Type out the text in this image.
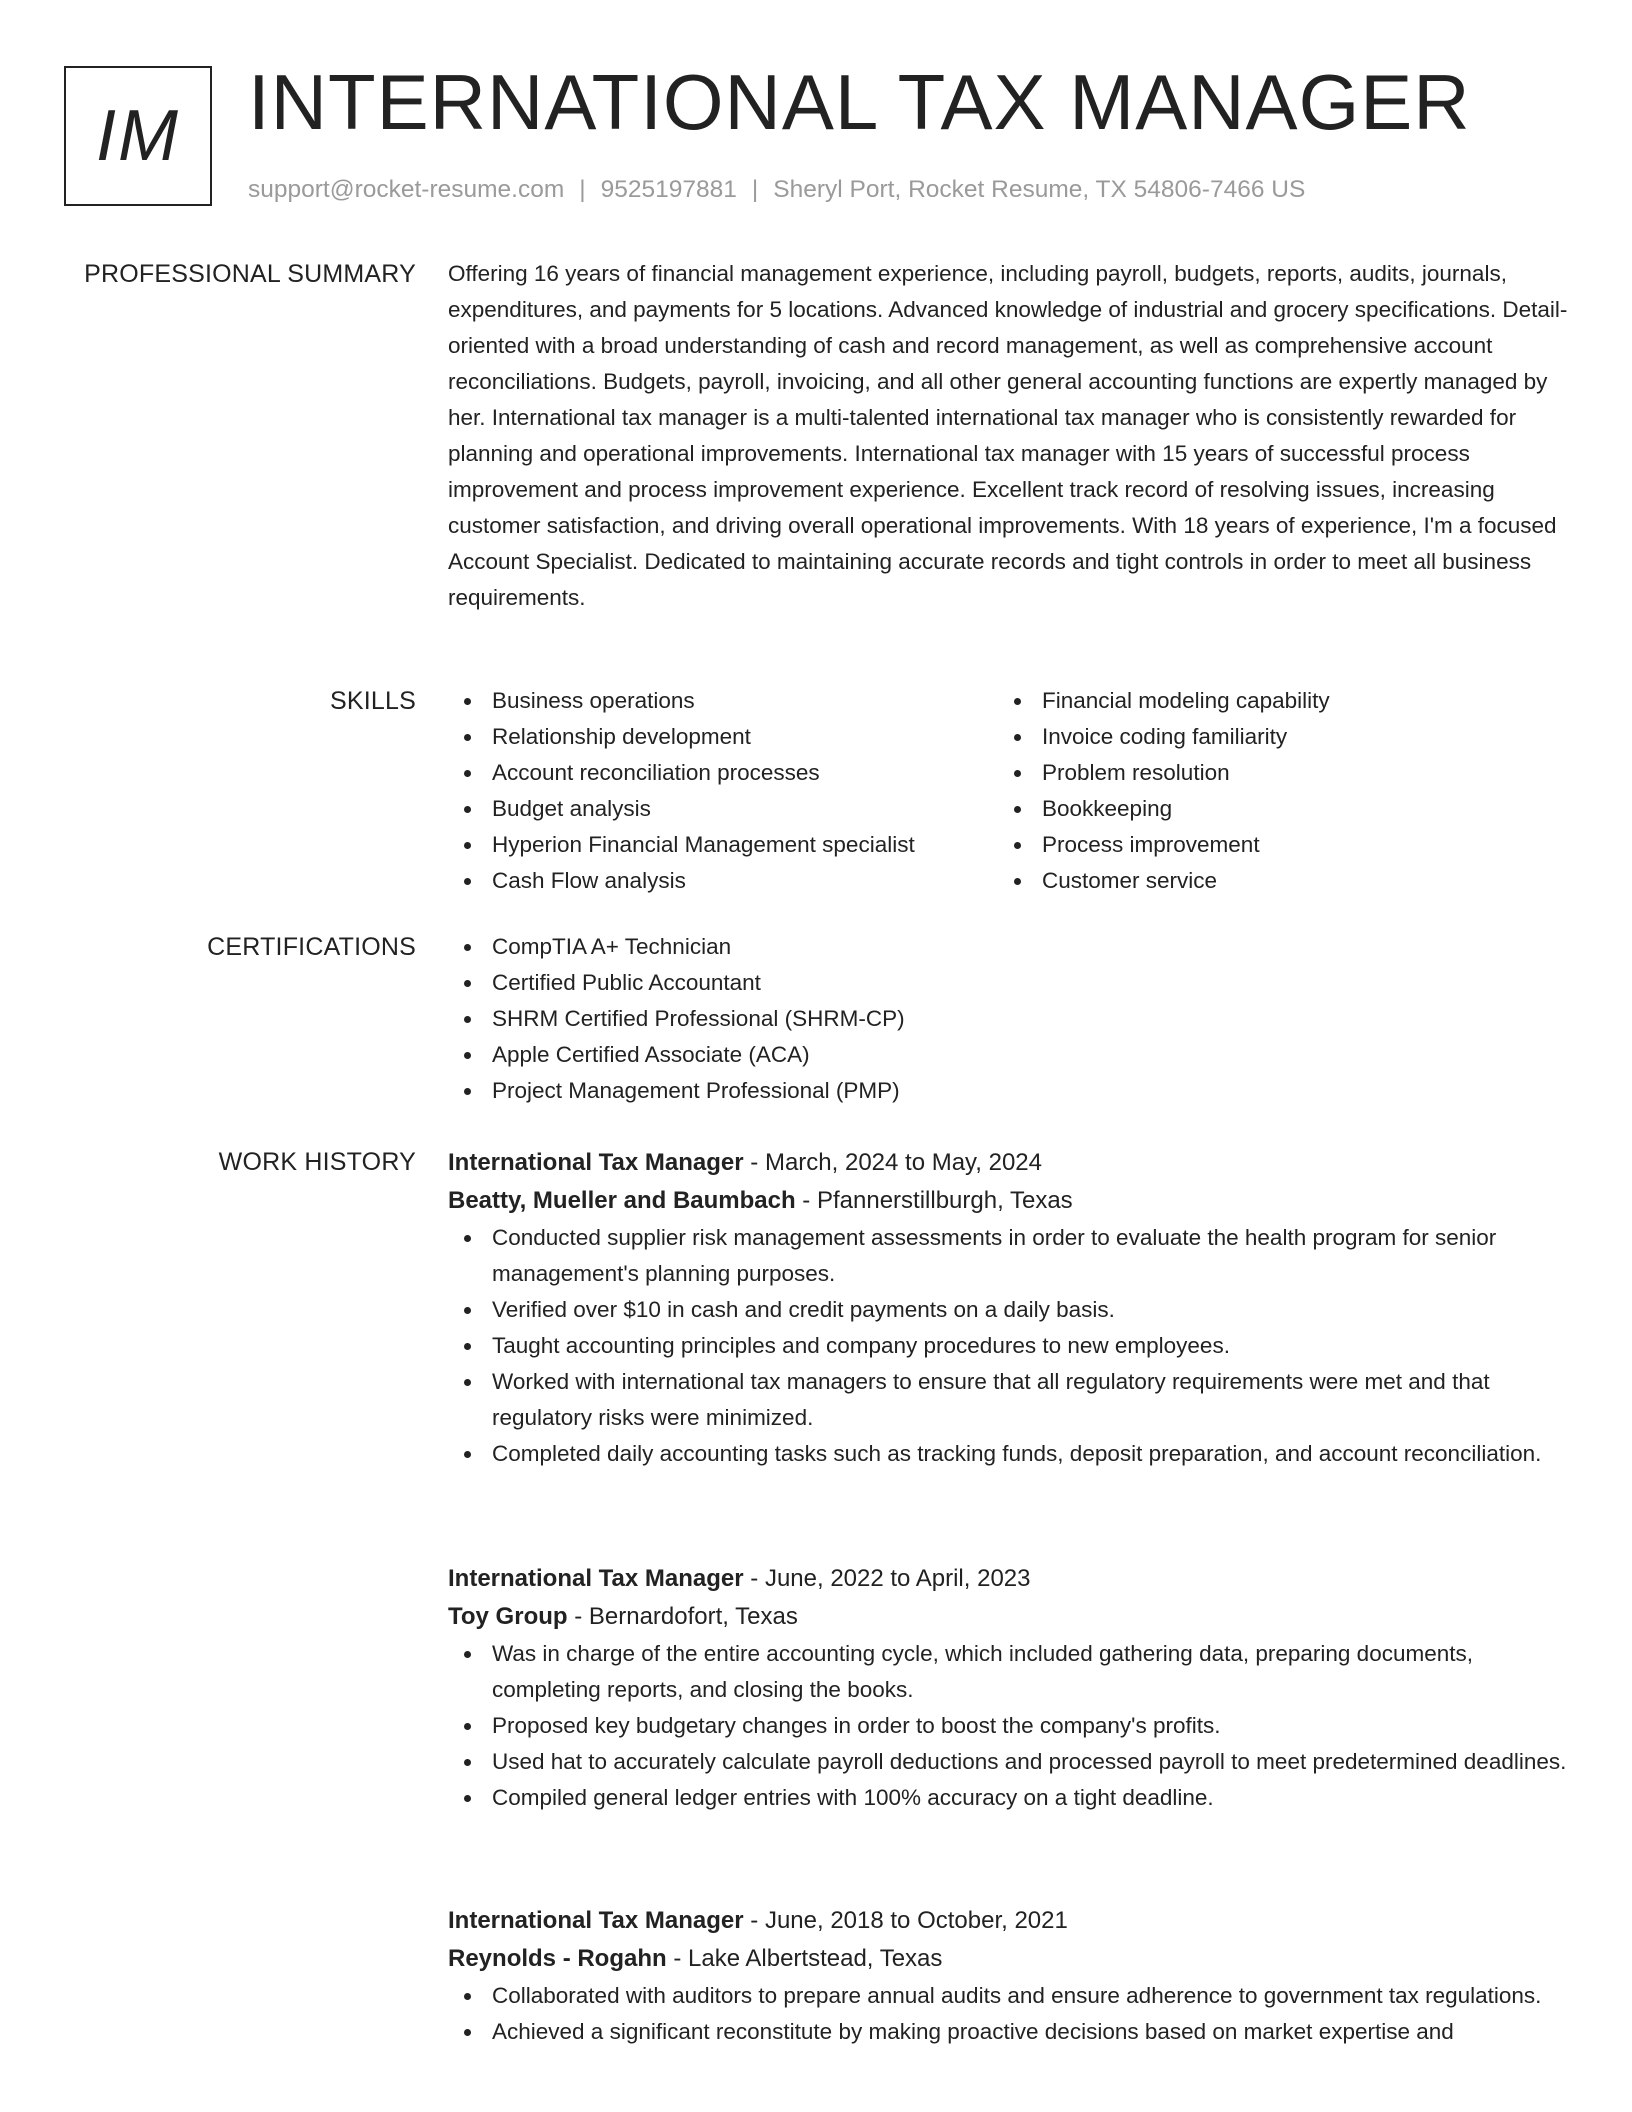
IM INTERNATIONAL TAX MANAGER
support@rocket-resume.com | 9525197881 | Sheryl Port, Rocket Resume, TX 54806-7466 US
PROFESSIONAL SUMMARY Offering 16 years of financial management experience, including payroll, budgets, reports, audits, journals, expenditures, and payments for 5 locations. Advanced knowledge of industrial and grocery specifications. Detail-oriented with a broad understanding of cash and record management, as well as comprehensive account reconciliations. Budgets, payroll, invoicing, and all other general accounting functions are expertly managed by her. International tax manager is a multi-talented international tax manager who is consistently rewarded for planning and operational improvements. International tax manager with 15 years of successful process improvement and process improvement experience. Excellent track record of resolving issues, increasing customer satisfaction, and driving overall operational improvements. With 18 years of experience, I'm a focused Account Specialist. Dedicated to maintaining accurate records and tight controls in order to meet all business requirements.

SKILLS	Business operations
Relationship development
Account reconciliation processes
Budget analysis
Hyperion Financial Management specialist
Cash Flow analysis
Financial modeling capability
Invoice coding familiarity
Problem resolution
Bookkeeping
Process improvement
Customer service
CERTIFICATIONS	CompTIA A+ Technician
Certified Public Accountant
SHRM Certified Professional (SHRM-CP)
Apple Certified Associate (ACA)
Project Management Professional (PMP)
WORK HISTORY International Tax Manager - March, 2024 to May, 2024
Beatty, Mueller and Baumbach - Pfannerstillburgh, Texas
Conducted supplier risk management assessments in order to evaluate the health program for senior management's planning purposes.
Verified over $10 in cash and credit payments on a daily basis.
Taught accounting principles and company procedures to new employees.
Worked with international tax managers to ensure that all regulatory requirements were met and that regulatory risks were minimized.
Completed daily accounting tasks such as tracking funds, deposit preparation, and account reconciliation.
International Tax Manager - June, 2022 to April, 2023
Toy Group - Bernardofort, Texas
Was in charge of the entire accounting cycle, which included gathering data, preparing documents, completing reports, and closing the books.
Proposed key budgetary changes in order to boost the company's profits.
Used hat to accurately calculate payroll deductions and processed payroll to meet predetermined deadlines.
Compiled general ledger entries with 100% accuracy on a tight deadline.
International Tax Manager - June, 2018 to October, 2021
Reynolds - Rogahn - Lake Albertstead, Texas
Collaborated with auditors to prepare annual audits and ensure adherence to government tax regulations.
Achieved a significant reconstitute by making proactive decisions based on market expertise and
